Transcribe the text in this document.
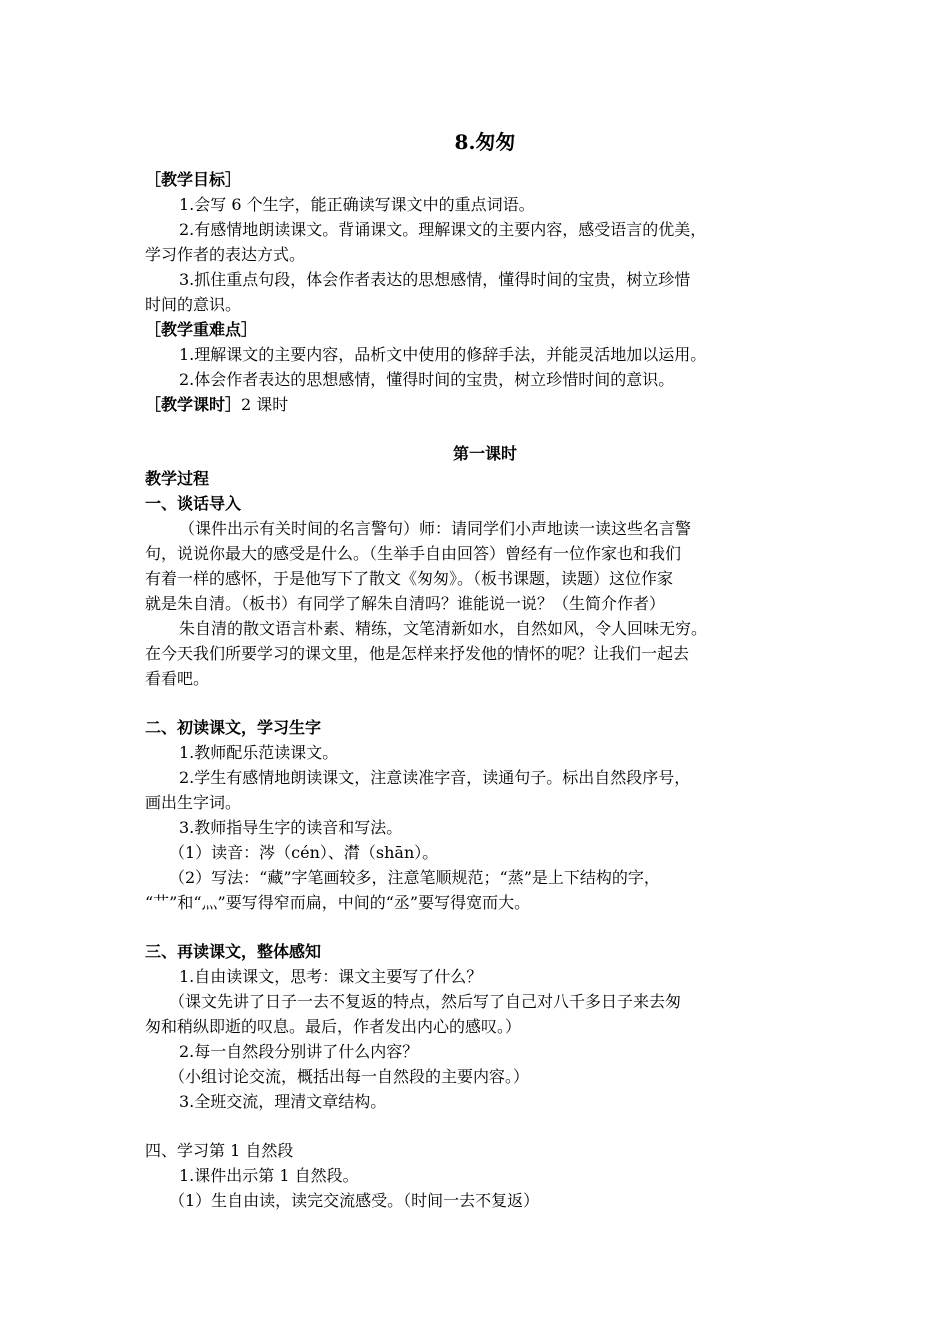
8.匆匆
［教学目标］
1.会写 6 个生字，能正确读写课文中的重点词语。
2.有感情地朗读课文。背诵课文。理解课文的主要内容，感受语言的优美，
学习作者的表达方式。
3.抓住重点句段，体会作者表达的思想感情，懂得时间的宝贵，树立珍惜
时间的意识。
［教学重难点］
1.理解课文的主要内容，品析文中使用的修辞手法，并能灵活地加以运用。
2.体会作者表达的思想感情，懂得时间的宝贵，树立珍惜时间的意识。
［教学课时］2 课时
第一课时
教学过程
一、谈话导入
（课件出示有关时间的名言警句）师：请同学们小声地读一读这些名言警
句，说说你最大的感受是什么。（生举手自由回答）曾经有一位作家也和我们
有着一样的感怀，于是他写下了散文《匆匆》。（板书课题，读题）这位作家
就是朱自清。（板书）有同学了解朱自清吗？谁能说一说？（生简介作者）
朱自清的散文语言朴素、精练，文笔清新如水，自然如风，令人回味无穷。
在今天我们所要学习的课文里，他是怎样来抒发他的情怀的呢？让我们一起去
看看吧。
二、初读课文，学习生字
1.教师配乐范读课文。
2.学生有感情地朗读课文，注意读准字音，读通句子。标出自然段序号，
画出生字词。
3.教师指导生字的读音和写法。
（1）读音：涔（cén）、潸（shān）。
（2）写法：“藏”字笔画较多，注意笔顺规范；“蒸”是上下结构的字，
“艹”和“灬”要写得窄而扁，中间的“丞”要写得宽而大。
三、再读课文，整体感知
1.自由读课文，思考：课文主要写了什么？
（课文先讲了日子一去不复返的特点，然后写了自己对八千多日子来去匆
匆和稍纵即逝的叹息。最后，作者发出内心的感叹。）
2.每一自然段分别讲了什么内容？
（小组讨论交流，概括出每一自然段的主要内容。）
3.全班交流，理清文章结构。
四、学习第 1 自然段
1.课件出示第 1 自然段。
（1）生自由读，读完交流感受。（时间一去不复返）
